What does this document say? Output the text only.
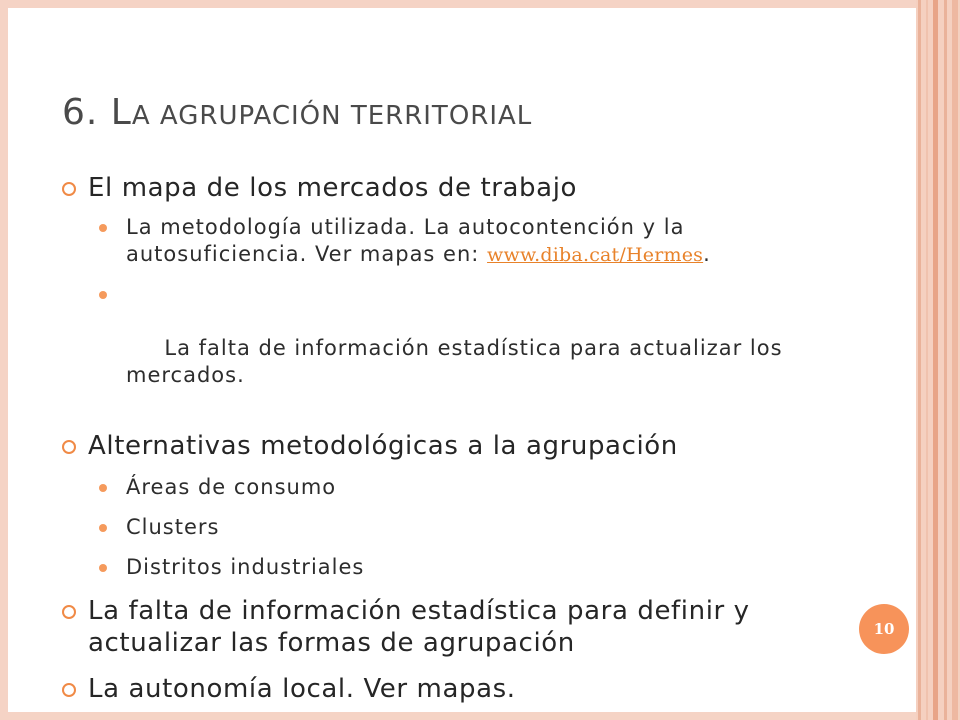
6. LA AGRUPACIÓN TERRITORIAL
El mapa de los mercados de trabajo
La metodología utilizada. La autocontención y la autosuficiencia. Ver mapas en: www.diba.cat/Hermes.

La falta de información estadística para actualizar los mercados.

Alternativas metodológicas a la agrupación
Áreas de consumo
Clusters
Distritos industriales
La falta de información estadística para definir y actualizar las formas de agrupación
La autonomía local. Ver mapas.
10
